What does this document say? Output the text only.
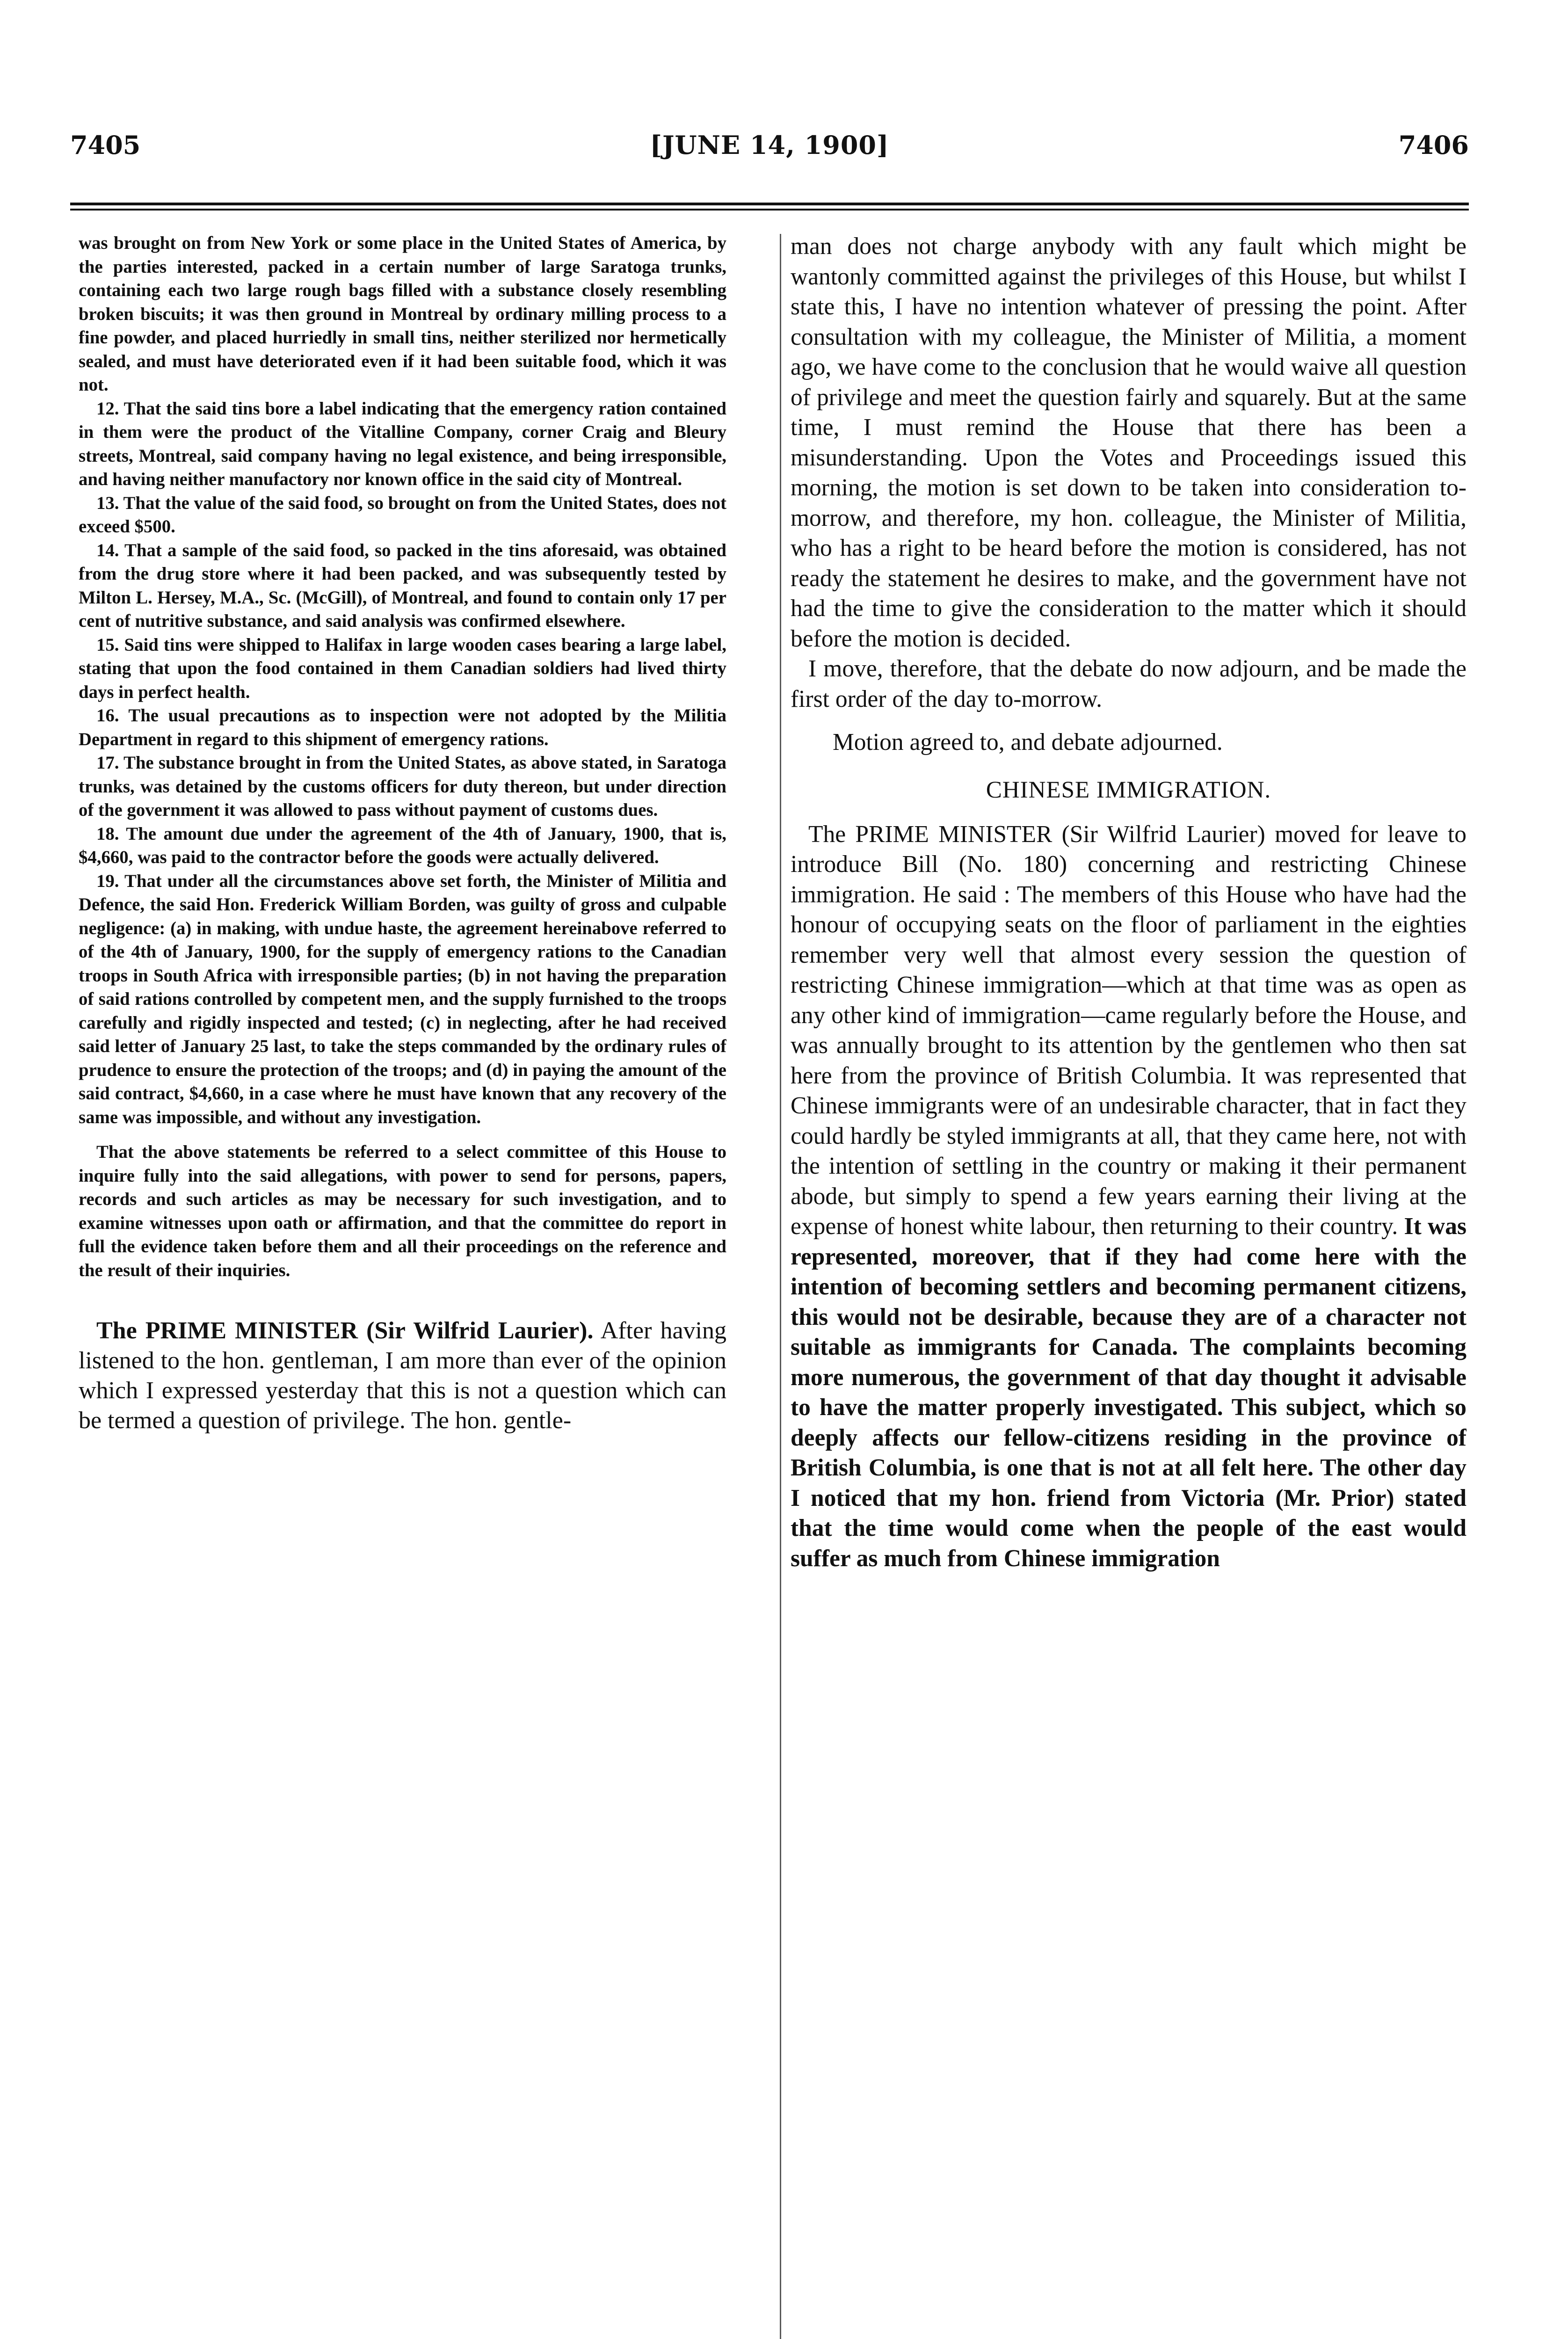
7405	[JUNE 14, 1900]	7406

was brought on from New York or some place in the United States of America, by the parties interested, packed in a certain number of large Saratoga trunks, containing each two large rough bags filled with a substance closely resembling broken biscuits; it was then ground in Montreal by ordinary milling process to a fine powder, and placed hurriedly in small tins, neither sterilized nor hermetically sealed, and must have deteriorated even if it had been suitable food, which it was not.

12. That the said tins bore a label indicating that the emergency ration contained in them were the product of the Vitalline Company, corner Craig and Bleury streets, Montreal, said company having no legal existence, and being irresponsible, and having neither manufactory nor known office in the said city of Montreal.

13. That the value of the said food, so brought on from the United States, does not exceed $500.

14. That a sample of the said food, so packed in the tins aforesaid, was obtained from the drug store where it had been packed, and was subsequently tested by Milton L. Hersey, M.A., Sc. (McGill), of Montreal, and found to contain only 17 per cent of nutritive substance, and said analysis was confirmed elsewhere.

15. Said tins were shipped to Halifax in large wooden cases bearing a large label, stating that upon the food contained in them Canadian soldiers had lived thirty days in perfect health.

16. The usual precautions as to inspection were not adopted by the Militia Department in regard to this shipment of emergency rations.

17. The substance brought in from the United States, as above stated, in Saratoga trunks, was detained by the customs officers for duty thereon, but under direction of the government it was allowed to pass without payment of customs dues.

18. The amount due under the agreement of the 4th of January, 1900, that is, $4,660, was paid to the contractor before the goods were actually delivered.

19. That under all the circumstances above set forth, the Minister of Militia and Defence, the said Hon. Frederick William Borden, was guilty of gross and culpable negligence: (a) in making, with undue haste, the agreement hereinabove referred to of the 4th of January, 1900, for the supply of emergency rations to the Canadian troops in South Africa with irresponsible parties; (b) in not having the preparation of said rations controlled by competent men, and the supply furnished to the troops carefully and rigidly inspected and tested; (c) in neglecting, after he had received said letter of January 25 last, to take the steps commanded by the ordinary rules of prudence to ensure the protection of the troops; and (d) in paying the amount of the said contract, $4,660, in a case where he must have known that any recovery of the same was impossible, and without any investigation.

That the above statements be referred to a select committee of this House to inquire fully into the said allegations, with power to send for persons, papers, records and such articles as may be necessary for such investigation, and to examine witnesses upon oath or affirmation, and that the committee do report in full the evidence taken before them and all their proceedings on the reference and the result of their inquiries.

The PRIME MINISTER (Sir Wilfrid Laurier). After having listened to the hon. gentleman, I am more than ever of the opinion which I expressed yesterday that this is not a question which can be termed a question of privilege. The hon. gentle-

man does not charge anybody with any fault which might be wantonly committed against the privileges of this House, but whilst I state this, I have no intention whatever of pressing the point. After consultation with my colleague, the Minister of Militia, a moment ago, we have come to the conclusion that he would waive all question of privilege and meet the question fairly and squarely. But at the same time, I must remind the House that there has been a misunderstanding. Upon the Votes and Proceedings issued this morning, the motion is set down to be taken into consideration to-morrow, and therefore, my hon. colleague, the Minister of Militia, who has a right to be heard before the motion is considered, has not ready the statement he desires to make, and the government have not had the time to give the consideration to the matter which it should before the motion is decided.

I move, therefore, that the debate do now adjourn, and be made the first order of the day to-morrow.

Motion agreed to, and debate adjourned.

CHINESE IMMIGRATION.

The PRIME MINISTER (Sir Wilfrid Laurier) moved for leave to introduce Bill (No. 180) concerning and restricting Chinese immigration. He said : The members of this House who have had the honour of occupying seats on the floor of parliament in the eighties remember very well that almost every session the question of restricting Chinese immigration—which at that time was as open as any other kind of immigration—came regularly before the House, and was annually brought to its attention by the gentlemen who then sat here from the province of British Columbia. It was represented that Chinese immigrants were of an undesirable character, that in fact they could hardly be styled immigrants at all, that they came here, not with the intention of settling in the country or making it their permanent abode, but simply to spend a few years earning their living at the expense of honest white labour, then returning to their country. It was represented, moreover, that if they had come here with the intention of becoming settlers and becoming permanent citizens, this would not be desirable, because they are of a character not suitable as immigrants for Canada. The complaints becoming more numerous, the government of that day thought it advisable to have the matter properly investigated. This subject, which so deeply affects our fellow-citizens residing in the province of British Columbia, is one that is not at all felt here. The other day I noticed that my hon. friend from Victoria (Mr. Prior) stated that the time would come when the people of the east would suffer as much from Chinese immigration
